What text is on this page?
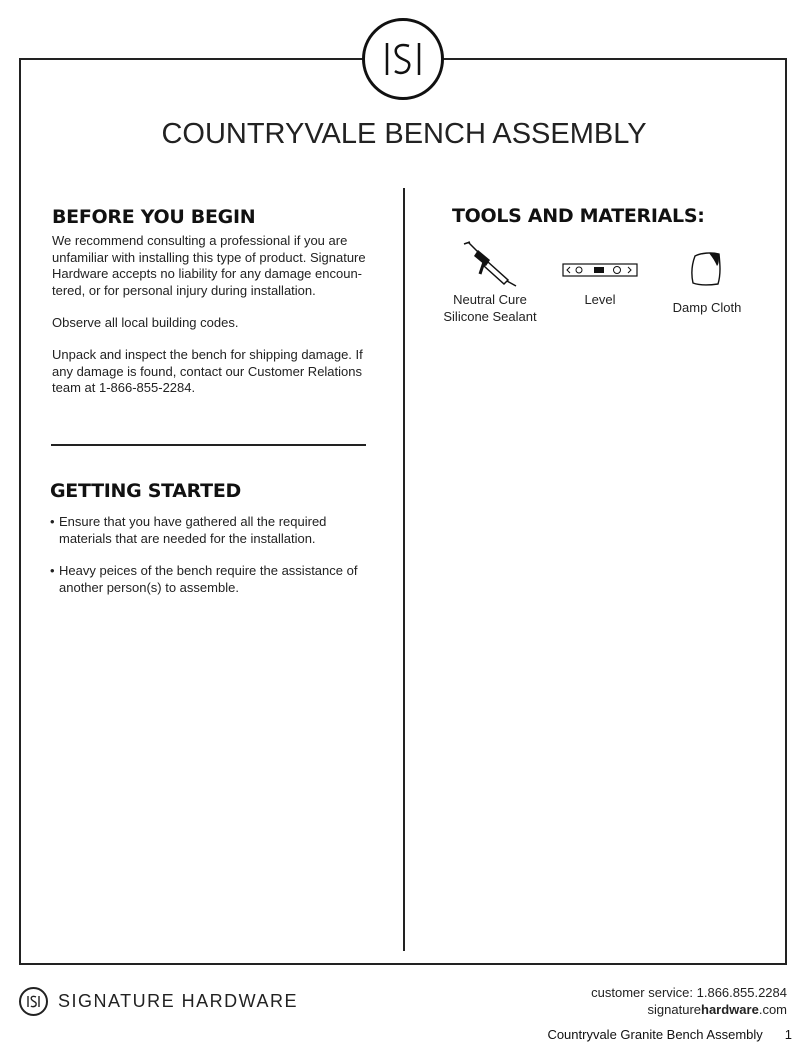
COUNTRYVALE BENCH ASSEMBLY
BEFORE YOU BEGIN
We recommend consulting a professional if you are unfamiliar with installing this type of product. Signature Hardware accepts no liability for any damage encoun-tered, or for personal injury during installation.
Observe all local building codes.
Unpack and inspect the bench for shipping damage. If any damage is found, contact our Customer Relations team at 1-866-855-2284.
GETTING STARTED
• Ensure that you have gathered all the required materials that are needed for the installation.
• Heavy peices of the bench require the assistance of another person(s) to assemble.
TOOLS AND MATERIALS:
Neutral Cure Silicone Sealant
Level
Damp Cloth
SIGNATURE HARDWARE	customer service: 1.866.855.2284
signaturehardware.com
Countryvale Granite Bench Assembly 1
